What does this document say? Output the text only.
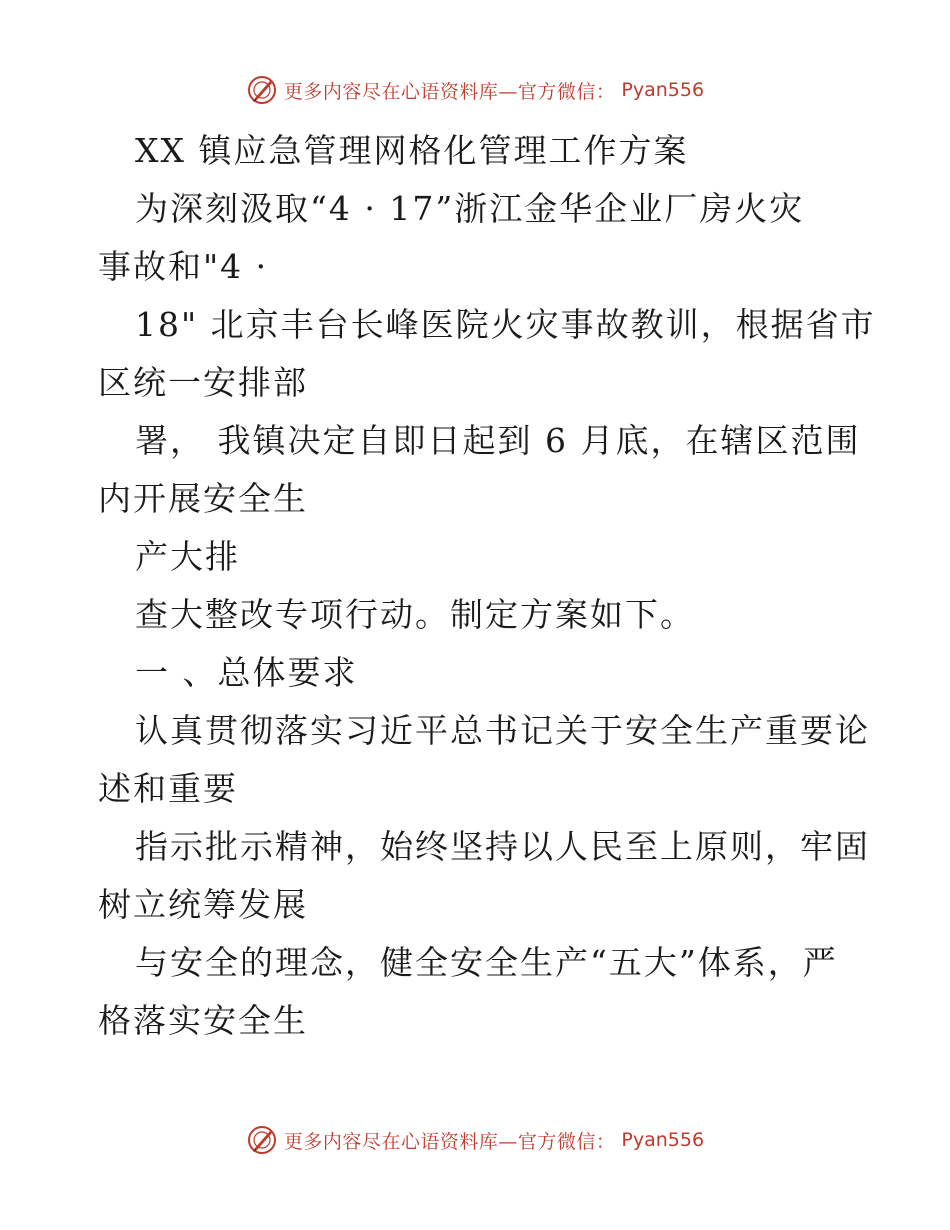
更多内容尽在心语资料库—官方微信： Pyan556
XX 镇应急管理网格化管理工作方案
为深刻汲取“4 · 17”浙江金华企业厂房火灾
事故和"4 ·
18" 北京丰台长峰医院火灾事故教训，根据省市
区统一安排部
署， 我镇决定自即日起到 6 月底，在辖区范围
内开展安全生
产大排
查大整改专项行动。制定方案如下。
一 、总体要求
认真贯彻落实习近平总书记关于安全生产重要论
述和重要
指示批示精神，始终坚持以人民至上原则，牢固
树立统筹发展
与安全的理念，健全安全生产“五大”体系，严
格落实安全生
更多内容尽在心语资料库—官方微信： Pyan556
